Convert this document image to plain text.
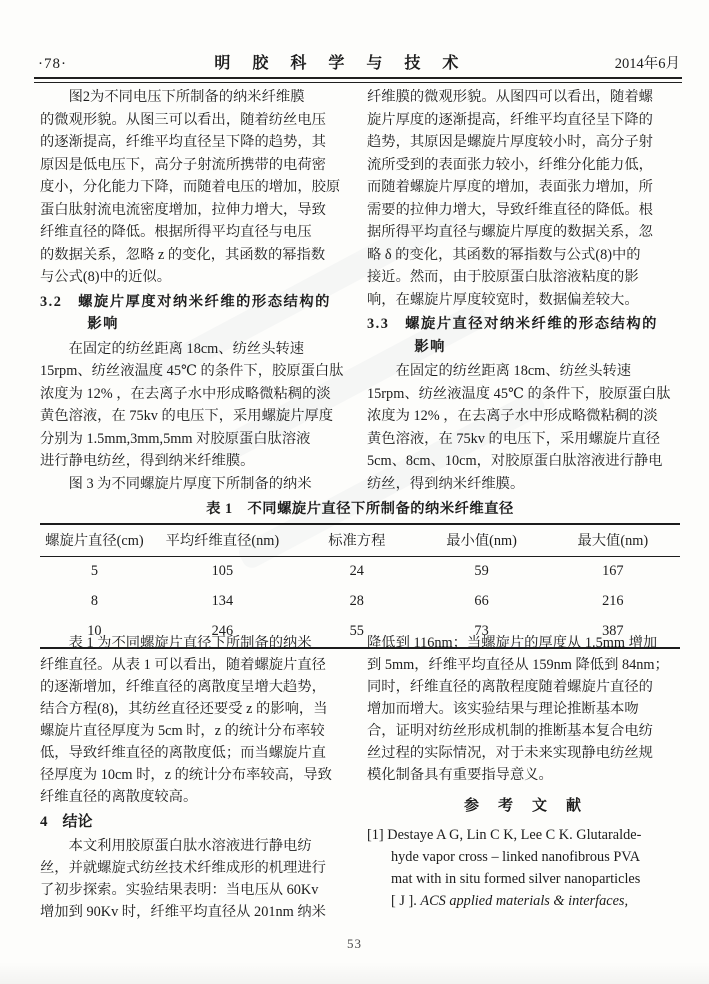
·78·	明 胶 科 学 与 技 术	2014年6月
　　图2为不同电压下所制备的纳米纤维膜
的微观形貌。从图三可以看出，随着纺丝电压
的逐渐提高，纤维平均直径呈下降的趋势，其
原因是低电压下，高分子射流所携带的电荷密
度小，分化能力下降，而随着电压的增加，胶原
蛋白肽射流电流密度增加，拉伸力增大，导致
纤维直径的降低。根据所得平均直径与电压
的数据关系，忽略 z 的变化，其函数的幂指数
与公式(8)中的近似。
3.2　螺旋片厚度对纳米纤维的形态结构的
　　　影响
　　在固定的纺丝距离 18cm、纺丝头转速
15rpm、纺丝液温度 45℃ 的条件下，胶原蛋白肽
浓度为 12% ，在去离子水中形成略微粘稠的淡
黄色溶液，在 75kv 的电压下，采用螺旋片厚度
分别为 1.5mm,3mm,5mm 对胶原蛋白肽溶液
进行静电纺丝，得到纳米纤维膜。
　　图 3 为不同螺旋片厚度下所制备的纳米
纤维膜的微观形貌。从图四可以看出，随着螺
旋片厚度的逐渐提高，纤维平均直径呈下降的
趋势，其原因是螺旋片厚度较小时，高分子射
流所受到的表面张力较小，纤维分化能力低，
而随着螺旋片厚度的增加，表面张力增加，所
需要的拉伸力增大，导致纤维直径的降低。根
据所得平均直径与螺旋片厚度的数据关系，忽
略 δ 的变化，其函数的幂指数与公式(8)中的
接近。然而，由于胶原蛋白肽溶液粘度的影
响，在螺旋片厚度较宽时，数据偏差较大。
3.3　螺旋片直径对纳米纤维的形态结构的
　　　影响
　　在固定的纺丝距离 18cm、纺丝头转速
15rpm、纺丝液温度 45℃ 的条件下，胶原蛋白肽
浓度为 12% ，在去离子水中形成略微粘稠的淡
黄色溶液，在 75kv 的电压下，采用螺旋片直径
5cm、8cm、10cm，对胶原蛋白肽溶液进行静电
纺丝，得到纳米纤维膜。
表 1　不同螺旋片直径下所制备的纳米纤维直径
螺旋片直径(cm)	平均纤维直径(nm)	标准方程	最小值(nm)	最大值(nm)
5	105	24	59	167
8	134	28	66	216
10	246	55	73	387
　　表 1 为不同螺旋片直径下所制备的纳米
纤维直径。从表 1 可以看出，随着螺旋片直径
的逐渐增加，纤维直径的离散度呈增大趋势，
结合方程(8)，其纺丝直径还要受 z 的影响，当
螺旋片直径厚度为 5cm 时，z 的统计分布率较
低，导致纤维直径的离散度低；而当螺旋片直
径厚度为 10cm 时，z 的统计分布率较高，导致
纤维直径的离散度较高。
4　结论
　　本文利用胶原蛋白肽水溶液进行静电纺
丝，并就螺旋式纺丝技术纤维成形的机理进行
了初步探索。实验结果表明：当电压从 60Kv
增加到 90Kv 时，纤维平均直径从 201nm 纳米
降低到 116nm；当螺旋片的厚度从 1.5mm 增加
到 5mm，纤维平均直径从 159nm 降低到 84nm；
同时，纤维直径的离散程度随着螺旋片直径的
增加而增大。该实验结果与理论推断基本吻
合，证明对纺丝形成机制的推断基本复合电纺
丝过程的实际情况，对于未来实现静电纺丝规
模化制备具有重要指导意义。
参　考　文　献
[1] Destaye A G, Lin C K, Lee C K. Glutaralde-
hyde vapor cross – linked nanofibrous PVA
mat with in situ formed silver nanoparticles
[ J ]. ACS applied materials & interfaces,
53
